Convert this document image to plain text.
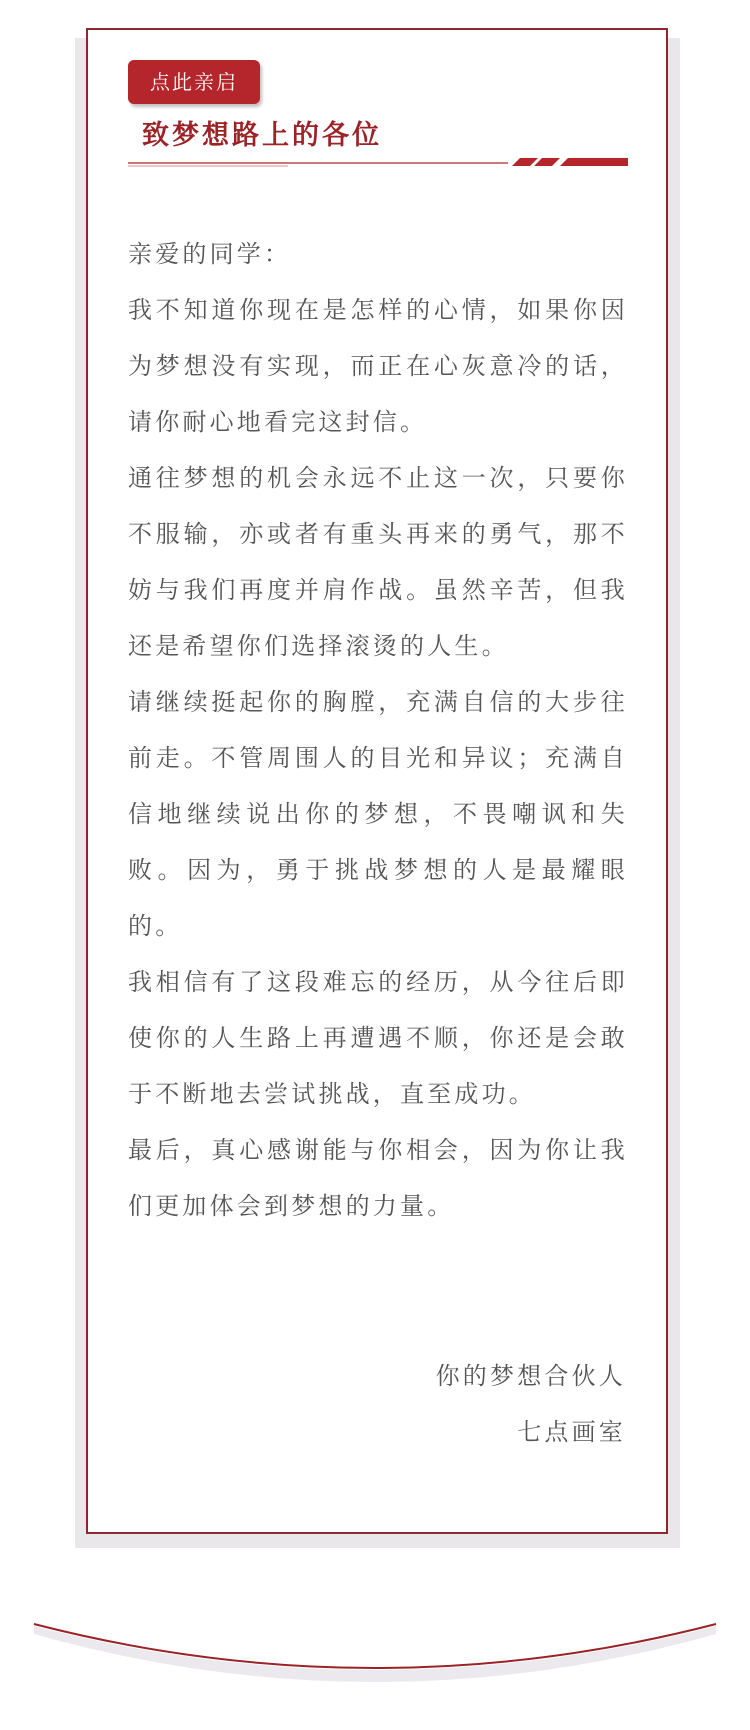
点此亲启
致梦想路上的各位

亲爱的同学：

我不知道你现在是怎样的心情，如果你因为梦想没有实现，而正在心灰意冷的话，请你耐心地看完这封信。

通往梦想的机会永远不止这一次，只要你不服输，亦或者有重头再来的勇气，那不妨与我们再度并肩作战。虽然辛苦，但我还是希望你们选择滚烫的人生。

请继续挺起你的胸膛，充满自信的大步往前走。不管周围人的目光和异议；充满自信地继续说出你的梦想，不畏嘲讽和失败。因为，勇于挑战梦想的人是最耀眼的。

我相信有了这段难忘的经历，从今往后即使你的人生路上再遭遇不顺，你还是会敢于不断地去尝试挑战，直至成功。

最后，真心感谢能与你相会，因为你让我们更加体会到梦想的力量。

你的梦想合伙人
七点画室
